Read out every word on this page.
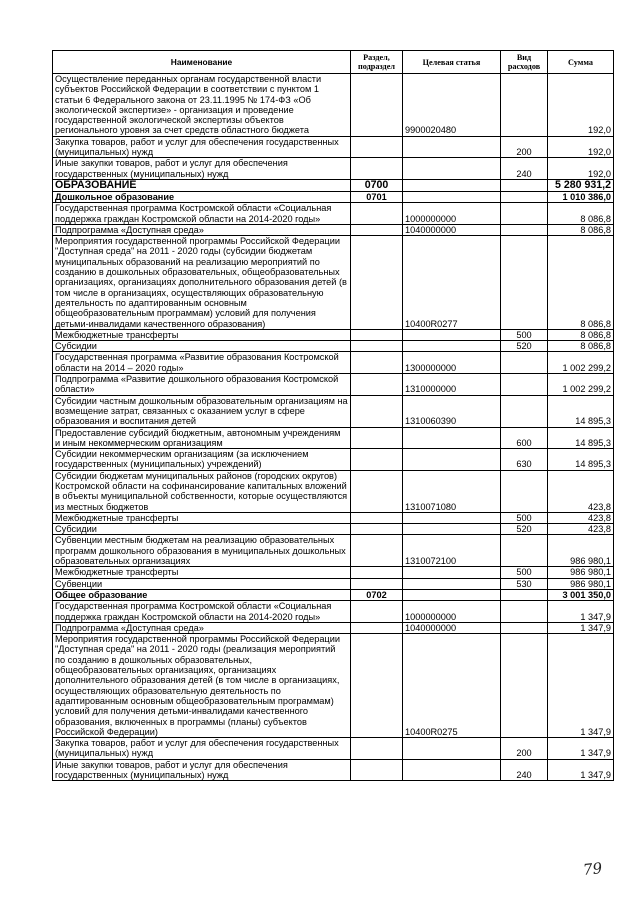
Наименование	Раздел, подраздел	Целевая статья	Вид расходов	Сумма
Осуществление переданных органам государственной власти субъектов Российской Федерации в соответствии с пунктом 1 статьи 6 Федерального закона от 23.11.1995 № 174-ФЗ «Об экологической экспертизе» - организация и проведение государственной экологической экспертизы объектов регионального уровня за счет средств областного бюджета		9900020480		192,0
Закупка товаров, работ и услуг для обеспечения государственных (муниципальных) нужд			200	192,0
Иные закупки товаров, работ и услуг для обеспечения государственных (муниципальных) нужд			240	192,0
ОБРАЗОВАНИЕ	0700			5 280 931,2
Дошкольное образование	0701			1 010 386,0
Государственная программа Костромской области «Социальная поддержка граждан Костромской области на 2014-2020 годы»		1000000000		8 086,8
Подпрограмма «Доступная среда»		1040000000		8 086,8
Мероприятия государственной программы Российской Федерации "Доступная среда" на 2011 - 2020 годы (субсидии бюджетам муниципальных образований на реализацию мероприятий по созданию в дошкольных образовательных, общеобразовательных организациях, организациях дополнительного образования детей (в том числе в организациях, осуществляющих образовательную деятельность по адаптированным основным общеобразовательным программам) условий для получения детьми-инвалидами качественного образования)		10400R0277		8 086,8
Межбюджетные трансферты			500	8 086,8
Субсидии			520	8 086,8
Государственная программа «Развитие образования Костромской области на 2014 – 2020 годы»		1300000000		1 002 299,2
Подпрограмма «Развитие дошкольного образования Костромской области»		1310000000		1 002 299,2
Субсидии частным дошкольным образовательным организациям на возмещение затрат, связанных с оказанием услуг в сфере образования и воспитания детей		1310060390		14 895,3
Предоставление субсидий бюджетным, автономным учреждениям и иным некоммерческим организациям			600	14 895,3
Субсидии некоммерческим организациям (за исключением государственных (муниципальных) учреждений)			630	14 895,3
Субсидии бюджетам муниципальных районов (городских округов) Костромской области на софинансирование капитальных вложений в объекты муниципальной собственности, которые осуществляются из местных бюджетов		1310071080		423,8
Межбюджетные трансферты			500	423,8
Субсидии			520	423,8
Субвенции местным бюджетам на реализацию образовательных программ дошкольного образования в муниципальных дошкольных образовательных организациях		1310072100		986 980,1
Межбюджетные трансферты			500	986 980,1
Субвенции			530	986 980,1
Общее образование	0702			3 001 350,0
Государственная программа Костромской области «Социальная поддержка граждан Костромской области на 2014-2020 годы»		1000000000		1 347,9
Подпрограмма «Доступная среда»		1040000000		1 347,9
Мероприятия государственной программы Российской Федерации "Доступная среда" на 2011 - 2020 годы (реализация мероприятий по созданию в дошкольных образовательных, общеобразовательных организациях, организациях дополнительного образования детей (в том числе в организациях, осуществляющих образовательную деятельность по адаптированным основным общеобразовательным программам) условий для получения детьми-инвалидами качественного образования, включенных в программы (планы) субъектов Российской Федерации)		10400R0275		1 347,9
Закупка товаров, работ и услуг для обеспечения государственных (муниципальных) нужд			200	1 347,9
Иные закупки товаров, работ и услуг для обеспечения государственных (муниципальных) нужд			240	1 347,9
79
